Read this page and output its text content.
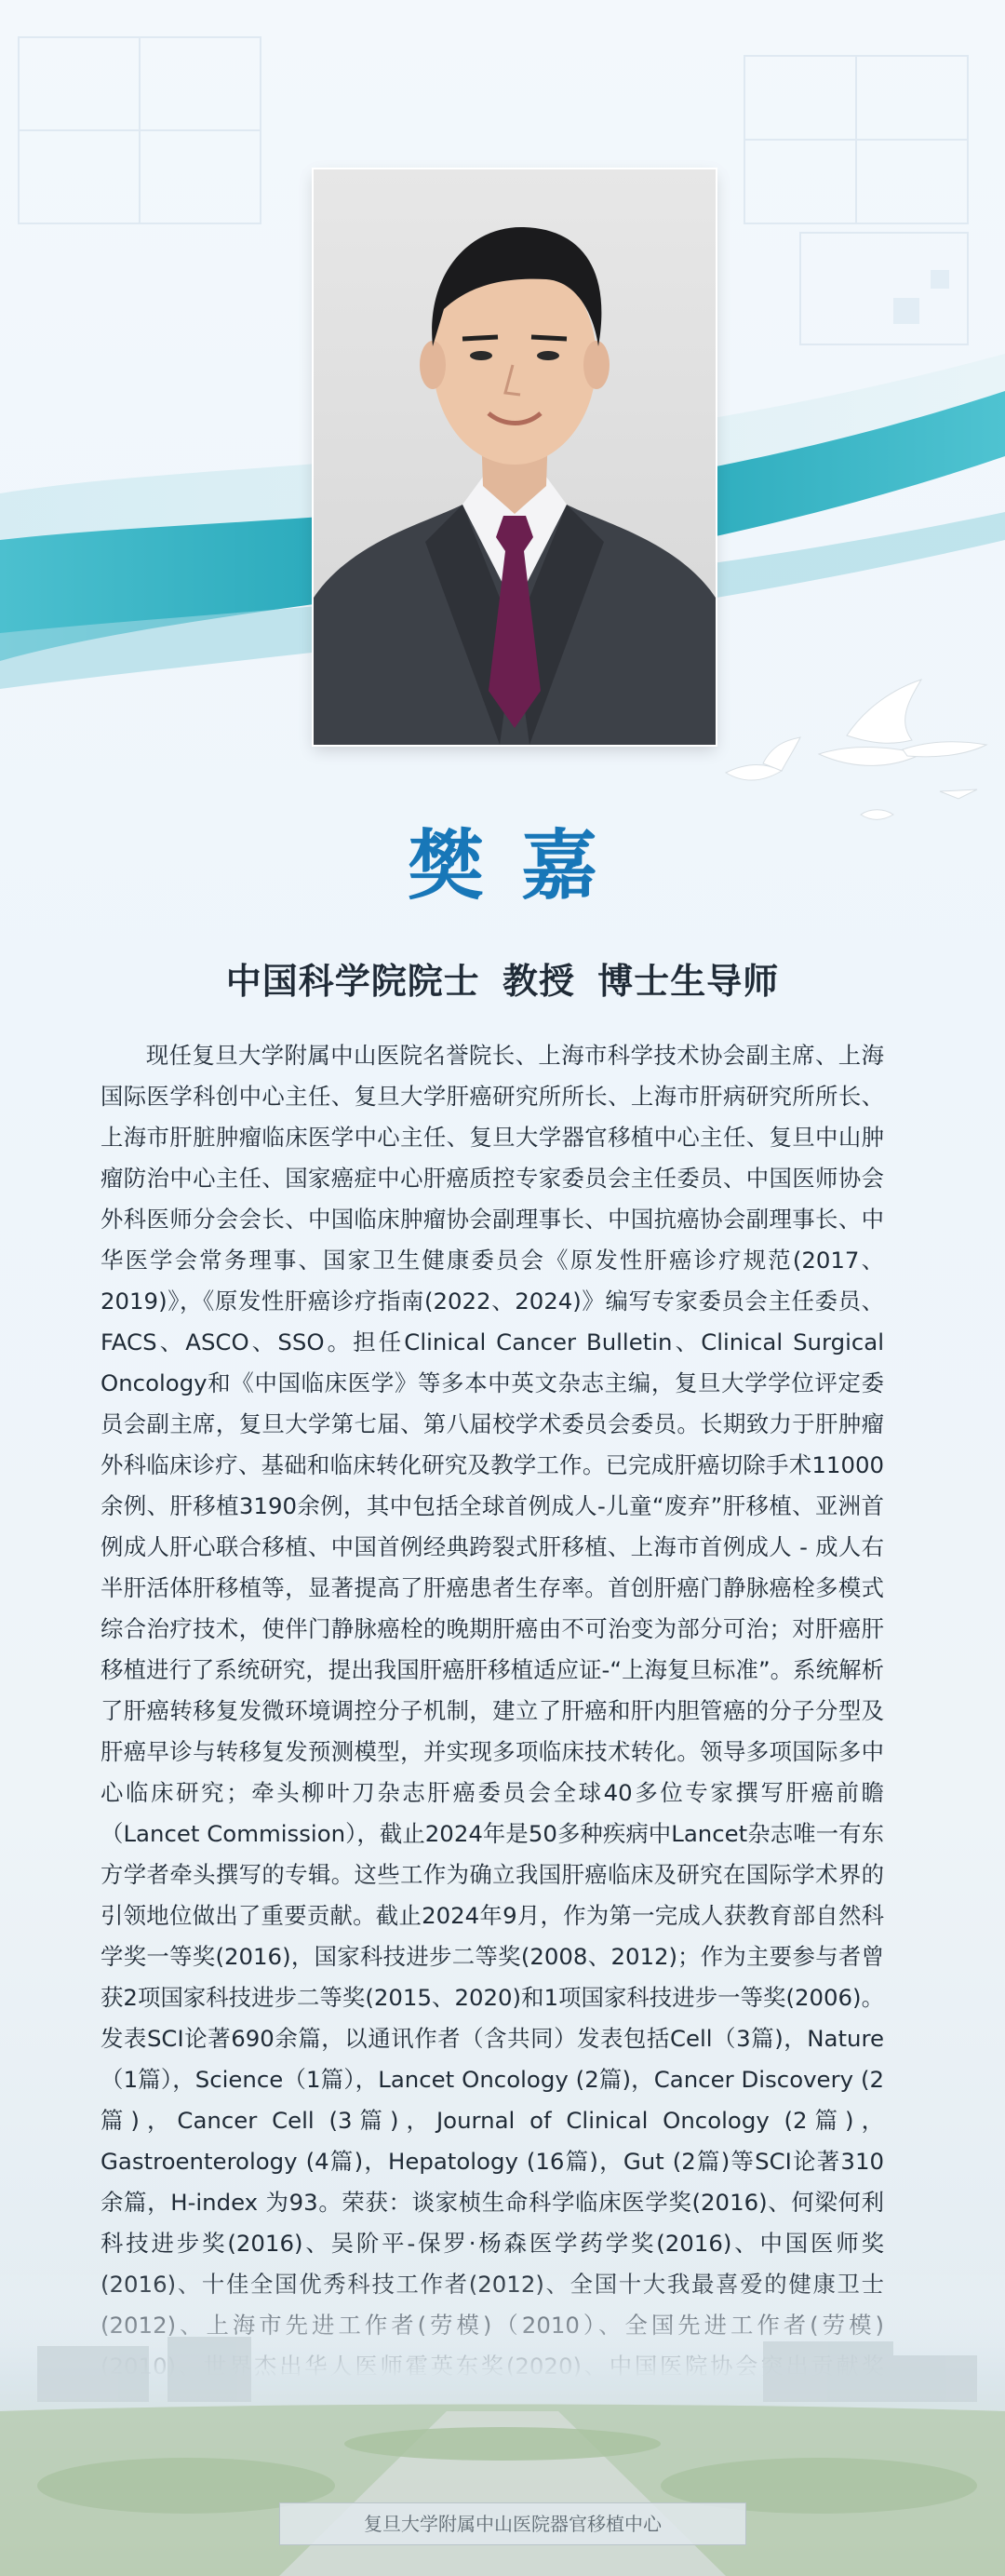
樊嘉
中国科学院院士 教授 博士生导师
现任复旦大学附属中山医院名誉院长、上海市科学技术协会副主席、上海国际医学科创中心主任、复旦大学肝癌研究所所长、上海市肝病研究所所长、上海市肝脏肿瘤临床医学中心主任、复旦大学器官移植中心主任、复旦中山肿瘤防治中心主任、国家癌症中心肝癌质控专家委员会主任委员、中国医师协会外科医师分会会长、中国临床肿瘤协会副理事长、中国抗癌协会副理事长、中华医学会常务理事、国家卫生健康委员会《原发性肝癌诊疗规范(2017、2019)》，《原发性肝癌诊疗指南(2022、2024)》编写专家委员会主任委员、FACS、ASCO、SSO。担任Clinical Cancer Bulletin、Clinical Surgical Oncology和《中国临床医学》等多本中英文杂志主编，复旦大学学位评定委员会副主席，复旦大学第七届、第八届校学术委员会委员。长期致力于肝肿瘤外科临床诊疗、基础和临床转化研究及教学工作。已完成肝癌切除手术11000余例、肝移植3190余例，其中包括全球首例成人-儿童“废弃”肝移植、亚洲首例成人肝心联合移植、中国首例经典跨裂式肝移植、上海市首例成人 - 成人右半肝活体肝移植等，显著提高了肝癌患者生存率。首创肝癌门静脉癌栓多模式综合治疗技术，使伴门静脉癌栓的晚期肝癌由不可治变为部分可治；对肝癌肝移植进行了系统研究，提出我国肝癌肝移植适应证-“上海复旦标准”。系统解析了肝癌转移复发微环境调控分子机制，建立了肝癌和肝内胆管癌的分子分型及肝癌早诊与转移复发预测模型，并实现多项临床技术转化。领导多项国际多中心临床研究；牵头柳叶刀杂志肝癌委员会全球40多位专家撰写肝癌前瞻（Lancet Commission），截止2024年是50多种疾病中Lancet杂志唯一有东方学者牵头撰写的专辑。这些工作为确立我国肝癌临床及研究在国际学术界的引领地位做出了重要贡献。截止2024年9月，作为第一完成人获教育部自然科学奖一等奖(2016)，国家科技进步二等奖(2008、2012)；作为主要参与者曾获2项国家科技进步二等奖(2015、2020)和1项国家科技进步一等奖(2006)。发表SCI论著690余篇，以通讯作者（含共同）发表包括Cell（3篇)，Nature（1篇），Science（1篇），Lancet Oncology (2篇)，Cancer Discovery (2篇)，Cancer Cell (3篇)，Journal of Clinical Oncology (2篇)，Gastroenterology (4篇)，Hepatology (16篇)，Gut (2篇)等SCI论著310余篇，H-index 为93。荣获：谈家桢生命科学临床医学奖(2016)、何梁何利科技进步奖(2016)、吴阶平-保罗·杨森医学药学奖(2016)、中国医师奖
复旦大学附属中山医院器官移植中心
